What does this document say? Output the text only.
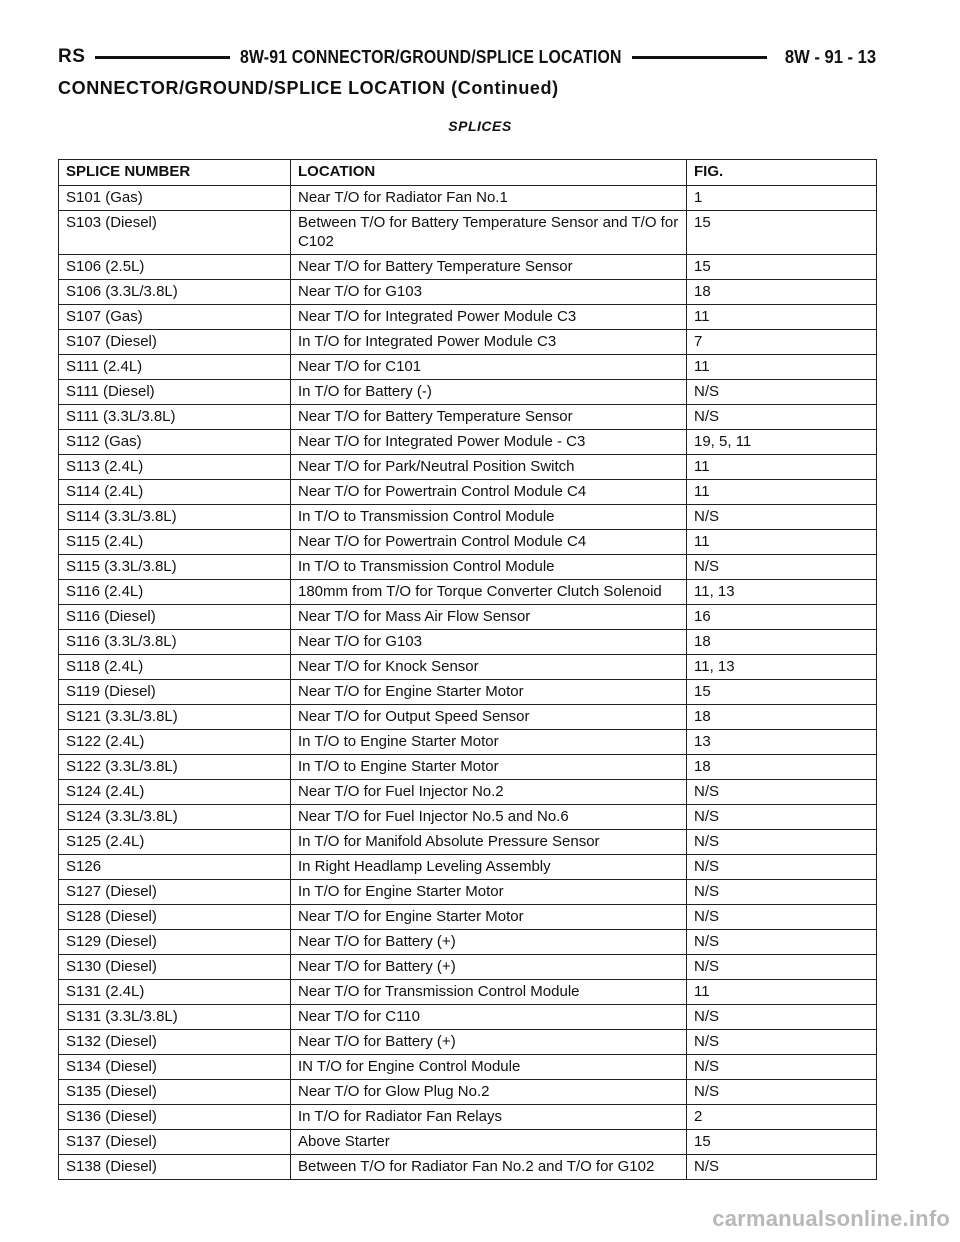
RS	8W-91 CONNECTOR/GROUND/SPLICE LOCATION	8W - 91 - 13
CONNECTOR/GROUND/SPLICE LOCATION (Continued)
SPLICES
SPLICE NUMBER	LOCATION	FIG.
S101 (Gas)	Near T/O for Radiator Fan No.1	1
S103 (Diesel)	Between T/O for Battery Temperature Sensor and T/O for C102	15
S106 (2.5L)	Near T/O for Battery Temperature Sensor	15
S106 (3.3L/3.8L)	Near T/O for G103	18
S107 (Gas)	Near T/O for Integrated Power Module C3	11
S107 (Diesel)	In T/O for Integrated Power Module C3	7
S111 (2.4L)	Near T/O for C101	11
S111 (Diesel)	In T/O for Battery (-)	N/S
S111 (3.3L/3.8L)	Near T/O for Battery Temperature Sensor	N/S
S112 (Gas)	Near T/O for Integrated Power Module - C3	19, 5, 11
S113 (2.4L)	Near T/O for Park/Neutral Position Switch	11
S114 (2.4L)	Near T/O for Powertrain Control Module C4	11
S114 (3.3L/3.8L)	In T/O to Transmission Control Module	N/S
S115 (2.4L)	Near T/O for Powertrain Control Module C4	11
S115 (3.3L/3.8L)	In T/O to Transmission Control Module	N/S
S116 (2.4L)	180mm from T/O for Torque Converter Clutch Solenoid	11, 13
S116 (Diesel)	Near T/O for Mass Air Flow Sensor	16
S116 (3.3L/3.8L)	Near T/O for G103	18
S118 (2.4L)	Near T/O for Knock Sensor	11, 13
S119 (Diesel)	Near T/O for Engine Starter Motor	15
S121 (3.3L/3.8L)	Near T/O for Output Speed Sensor	18
S122 (2.4L)	In T/O to Engine Starter Motor	13
S122 (3.3L/3.8L)	In T/O to Engine Starter Motor	18
S124 (2.4L)	Near T/O for Fuel Injector No.2	N/S
S124 (3.3L/3.8L)	Near T/O for Fuel Injector No.5 and No.6	N/S
S125 (2.4L)	In T/O for Manifold Absolute Pressure Sensor	N/S
S126	In Right Headlamp Leveling Assembly	N/S
S127 (Diesel)	In T/O for Engine Starter Motor	N/S
S128 (Diesel)	Near T/O for Engine Starter Motor	N/S
S129 (Diesel)	Near T/O for Battery (+)	N/S
S130 (Diesel)	Near T/O for Battery (+)	N/S
S131 (2.4L)	Near T/O for Transmission Control Module	11
S131 (3.3L/3.8L)	Near T/O for C110	N/S
S132 (Diesel)	Near T/O for Battery (+)	N/S
S134 (Diesel)	IN T/O for Engine Control Module	N/S
S135 (Diesel)	Near T/O for Glow Plug No.2	N/S
S136 (Diesel)	In T/O for Radiator Fan Relays	2
S137 (Diesel)	Above Starter	15
S138 (Diesel)	Between T/O for Radiator Fan No.2 and T/O for G102	N/S
carmanualsonline.info
